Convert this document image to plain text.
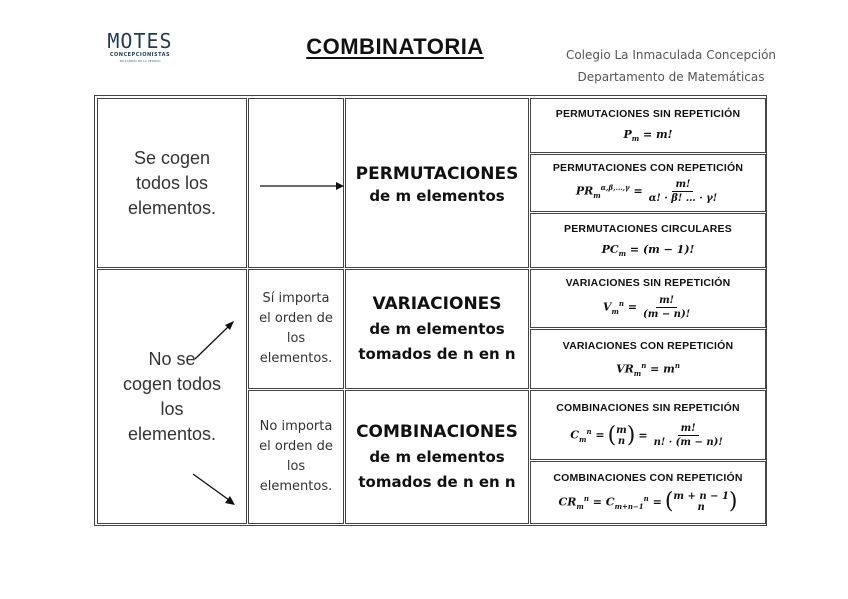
MOTES
CONCEPCIONISTAS
EN CAMINO DE LA VERDAD
COMBINATORIA	Colegio La Inmaculada Concepción
Departamento de Matemáticas
Se cogen todos los elementos.
No se cogen todos los elementos.
Sí importa el orden de los elementos.
No importa el orden de los elementos.
PERMUTACIONES
de m elementos
VARIACIONES
de m elementos
tomados de n en n
COMBINACIONES
de m elementos
tomados de n en n
PERMUTACIONES SIN REPETICIÓN
$P_m = m$!
PERMUTACIONES CON REPETICIÓN
$PR_m^{\alpha,\beta,\dots,\gamma} = \frac{m!}{\alpha! \cdot \beta! \dots \cdot \gamma!}$
PERMUTACIONES CIRCULARES
$PC_m = (m - 1)$!
VARIACIONES SIN REPETICIÓN
$V_m^n = \frac{m!}{(m - n)!}$
VARIACIONES CON REPETICIÓN
$VR_m^n = m^n$
COMBINACIONES SIN REPETICIÓN
$C_m^n$ = ( m
n ) = $\frac{m!}{n! \cdot (m - n)!}$
COMBINACIONES CON REPETICIÓN
$CR_m^n = C_{m+n-1}^n$ = ( m + n − 1
n )
